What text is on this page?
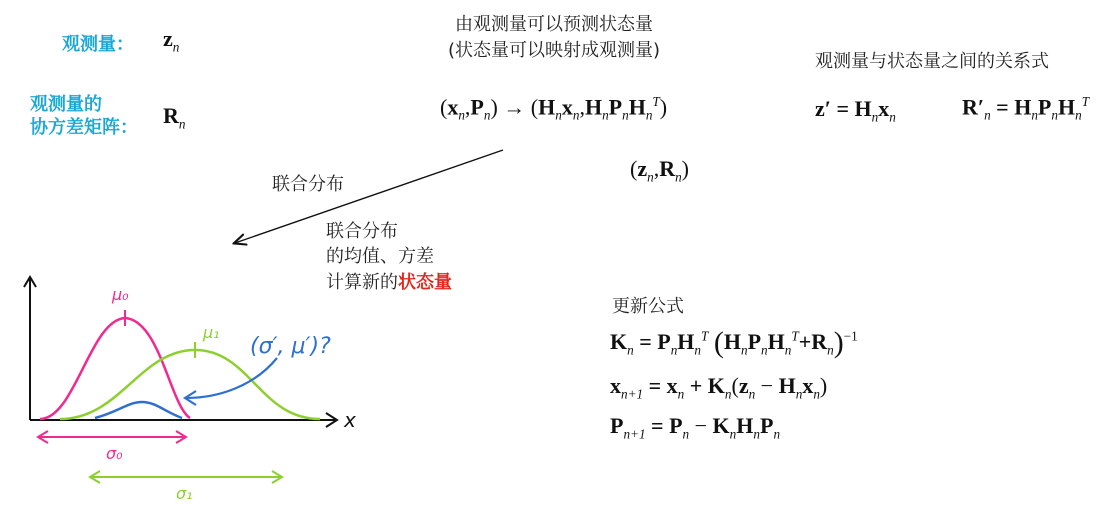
观测量： $z_n$
观测量的
协方差矩阵： $R_n$
由观测量可以预测状态量
(状态量可以映射成观测量)
观测量与状态量之间的关系式
$(x_n,P_n) \to (H_nx_n,H_nP_nH_n^T)$	$z' = H_nx_n$	$R'_n = H_nP_nH_n^T$
$(z_n,R_n)$
联合分布
联合分布
的均值、方差
计算新的状态量
更新公式
$K_n = P_nH_n^T$ $(H_nP_nH_n^T+R_n)^{-1}$
$x_{n+1} = x_n + K_n(z_n - H_nx_n)$
$P_{n+1} = P_n - K_nH_nP_n$
x
μ₀
μ₁
(σ′, μ′)?
σ₀
σ₁
